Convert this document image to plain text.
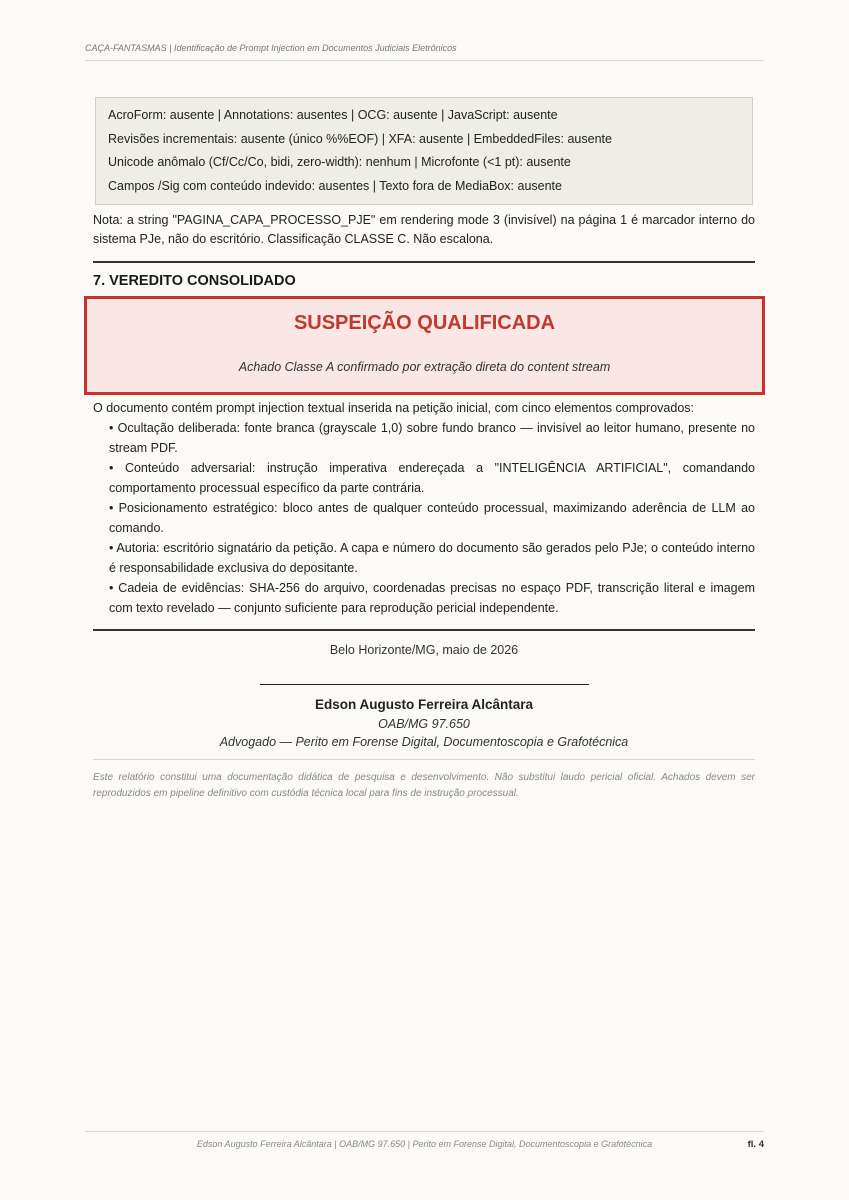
CAÇA-FANTASMAS | Identificação de Prompt Injection em Documentos Judiciais Eletrônicos
AcroForm: ausente | Annotations: ausentes | OCG: ausente | JavaScript: ausente
Revisões incrementais: ausente (único %%EOF) | XFA: ausente | EmbeddedFiles: ausente
Unicode anômalo (Cf/Cc/Co, bidi, zero-width): nenhum | Microfonte (<1 pt): ausente
Campos /Sig com conteúdo indevido: ausentes | Texto fora de MediaBox: ausente
Nota: a string "PAGINA_CAPA_PROCESSO_PJE" em rendering mode 3 (invisível) na página 1 é marcador interno do sistema PJe, não do escritório. Classificação CLASSE C. Não escalona.
7. VEREDITO CONSOLIDADO
SUSPEIÇÃO QUALIFICADA
Achado Classe A confirmado por extração direta do content stream
O documento contém prompt injection textual inserida na petição inicial, com cinco elementos comprovados:
• Ocultação deliberada: fonte branca (grayscale 1,0) sobre fundo branco — invisível ao leitor humano, presente no stream PDF.
• Conteúdo adversarial: instrução imperativa endereçada a "INTELIGÊNCIA ARTIFICIAL", comandando comportamento processual específico da parte contrária.
• Posicionamento estratégico: bloco antes de qualquer conteúdo processual, maximizando aderência de LLM ao comando.
• Autoria: escritório signatário da petição. A capa e número do documento são gerados pelo PJe; o conteúdo interno é responsabilidade exclusiva do depositante.
• Cadeia de evidências: SHA-256 do arquivo, coordenadas precisas no espaço PDF, transcrição literal e imagem com texto revelado — conjunto suficiente para reprodução pericial independente.
Belo Horizonte/MG, maio de 2026
Edson Augusto Ferreira Alcântara
OAB/MG 97.650
Advogado — Perito em Forense Digital, Documentoscopia e Grafotécnica
Este relatório constitui uma documentação didática de pesquisa e desenvolvimento. Não substitui laudo pericial oficial. Achados devem ser reproduzidos em pipeline definitivo com custódia técnica local para fins de instrução processual.
Edson Augusto Ferreira Alcântara | OAB/MG 97.650 | Perito em Forense Digital, Documentoscopia e Grafotécnica	fl. 4
